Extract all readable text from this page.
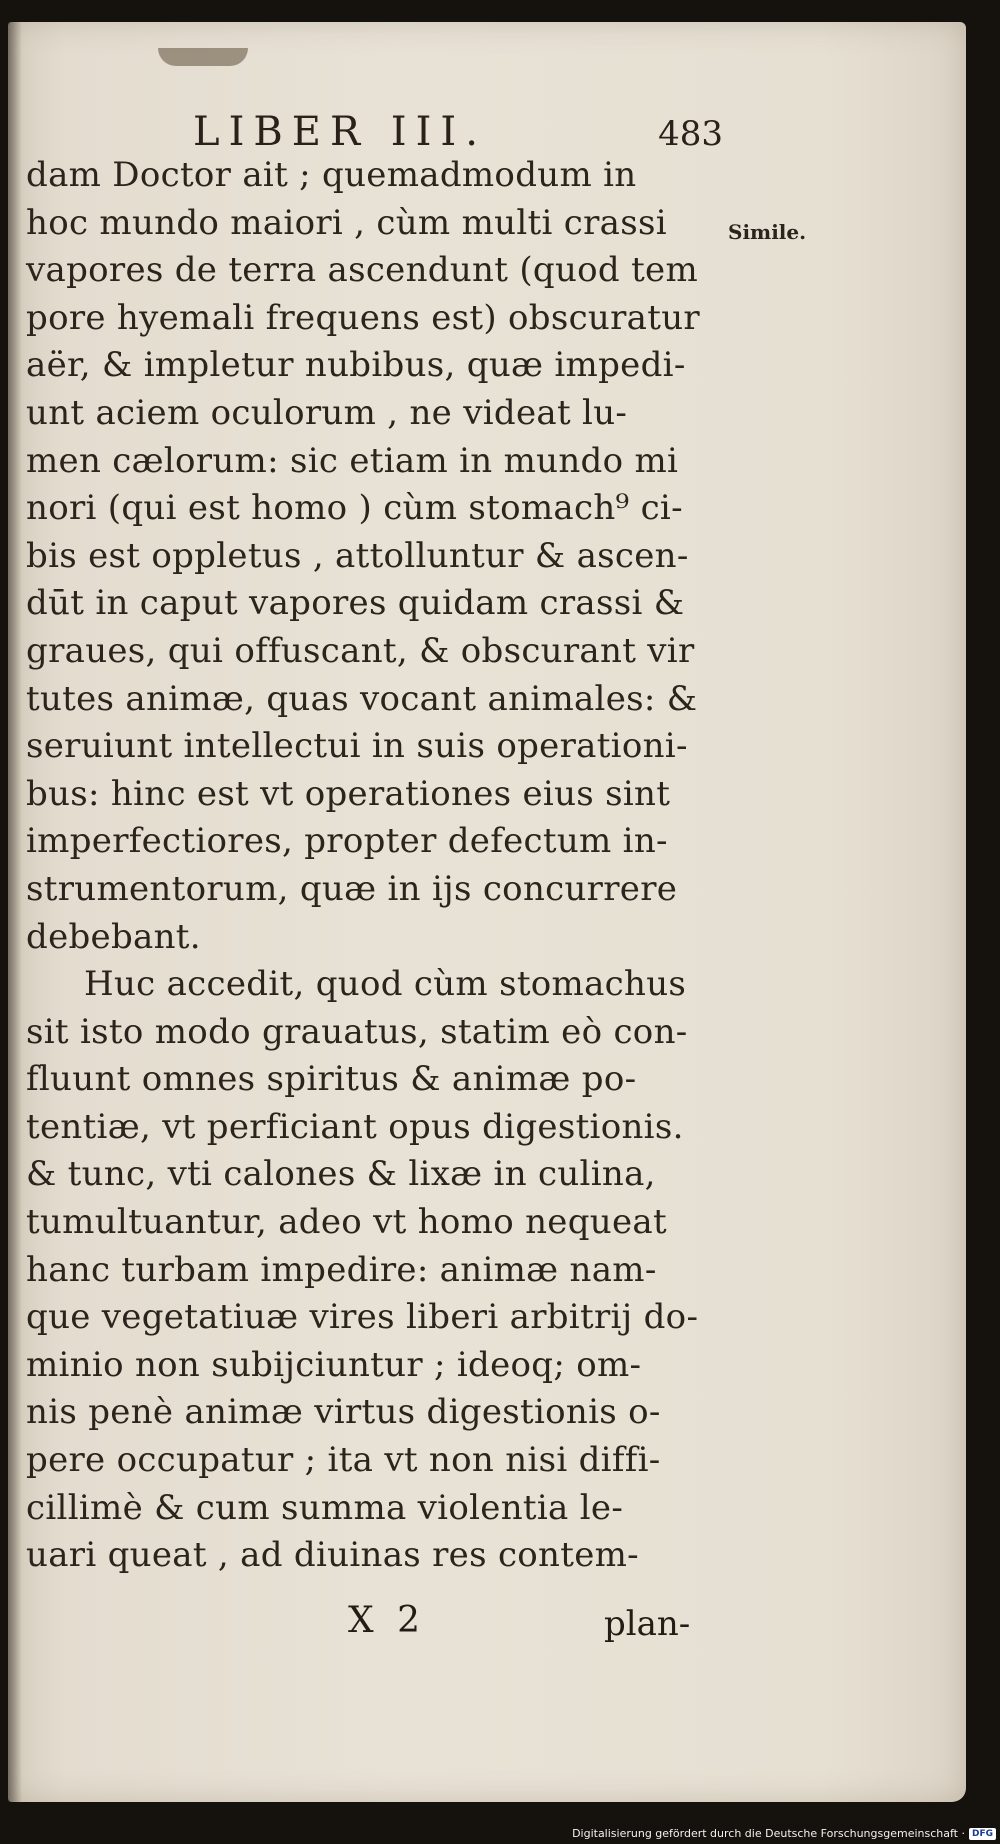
LIBER III.	483
dam Doctor ait ; quemadmodum in
hoc mundo maiori , cùm multi crassi
vapores de terra ascendunt (quod tem
pore hyemali frequens est) obscuratur
aër, & impletur nubibus, quæ impedi-
unt aciem oculorum , ne videat lu-
men cælorum: sic etiam in mundo mi
nori (qui est homo ) cùm stomach⁹ ci-
bis est oppletus , attolluntur & ascen-
dūt in caput vapores quidam crassi &
graues, qui offuscant, & obscurant vir
tutes animæ, quas vocant animales: &
seruiunt intellectui in suis operationi-
bus: hinc est vt operationes eius sint
imperfectiores, propter defectum in-
strumentorum, quæ in ijs concurrere
debebant.
Huc accedit, quod cùm stomachus
sit isto modo grauatus, statim eò con-
fluunt omnes spiritus & animæ po-
tentiæ, vt perficiant opus digestionis.
& tunc, vti calones & lixæ in culina,
tumultuantur, adeo vt homo nequeat
hanc turbam impedire: animæ nam-
que vegetatiuæ vires liberi arbitrij do-
minio non subijciuntur ; ideoq; om-
nis penè animæ virtus digestionis o-
pere occupatur ; ita vt non nisi diffi-
cillimè & cum summa violentia le-
uari queat , ad diuinas res contem-
Simile.
X 2	plan-
Digitalisierung gefördert durch die Deutsche Forschungsgemeinschaft · DFG
